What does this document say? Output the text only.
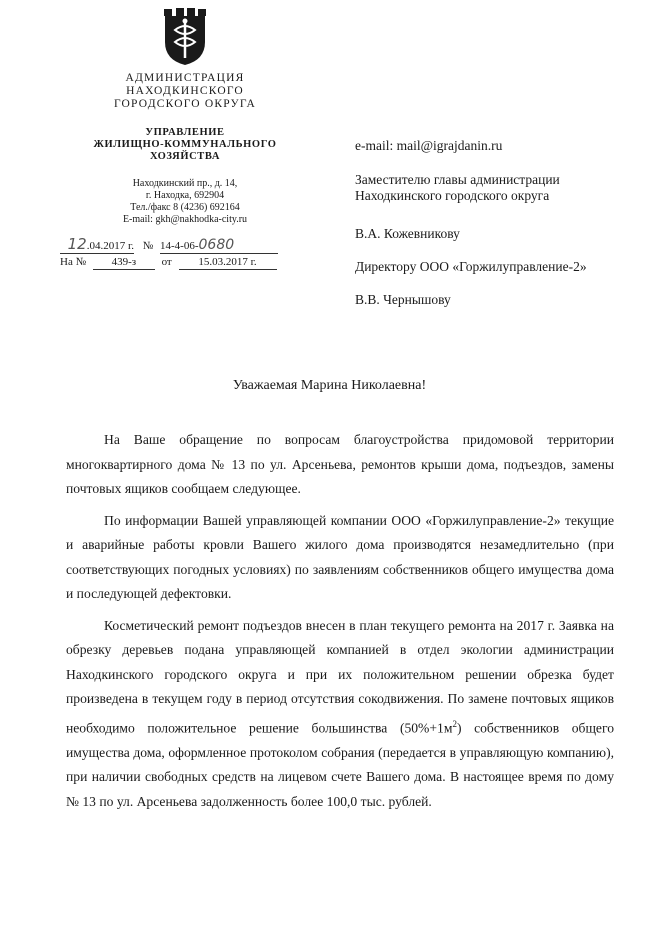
АДМИНИСТРАЦИЯ
НАХОДКИНСКОГО
ГОРОДСКОГО ОКРУГА
УПРАВЛЕНИЕ
ЖИЛИЩНО-КОММУНАЛЬНОГО
ХОЗЯЙСТВА
Находкинский пр., д. 14,
г. Находка, 692904
Тел./факс 8 (4236) 692164
E-mail: gkh@nakhodka-city.ru
12.04.2017 г. № 14-4-06-0680
На № 439-з от 15.03.2017 г.
e-mail: mail@igrajdanin.ru
Заместителю главы администрации
Находкинского городского округа
В.А. Кожевникову
Директору ООО «Горжилуправление-2»
В.В. Чернышову
Уважаемая Марина Николаевна!
На Ваше обращение по вопросам благоустройства придомовой территории многоквартирного дома № 13 по ул. Арсеньева, ремонтов крыши дома, подъездов, замены почтовых ящиков сообщаем следующее.
По информации Вашей управляющей компании ООО «Горжилуправление-2» текущие и аварийные работы кровли Вашего жилого дома производятся незамедлительно (при соответствующих погодных условиях) по заявлениям собственников общего имущества дома и последующей дефектовки.
Косметический ремонт подъездов внесен в план текущего ремонта на 2017 г. Заявка на обрезку деревьев подана управляющей компанией в отдел экологии администрации Находкинского городского округа и при их положительном решении обрезка будет произведена в текущем году в период отсутствия сокодвижения. По замене почтовых ящиков необходимо положительное решение большинства $(50\%+1м^2)$ собственников общего имущества дома, оформленное протоколом собрания (передается в управляющую компанию), при наличии свободных средств на лицевом счете Вашего дома. В настоящее время по дому № 13 по ул. Арсеньева задолженность более 100,0 тыс. рублей.
